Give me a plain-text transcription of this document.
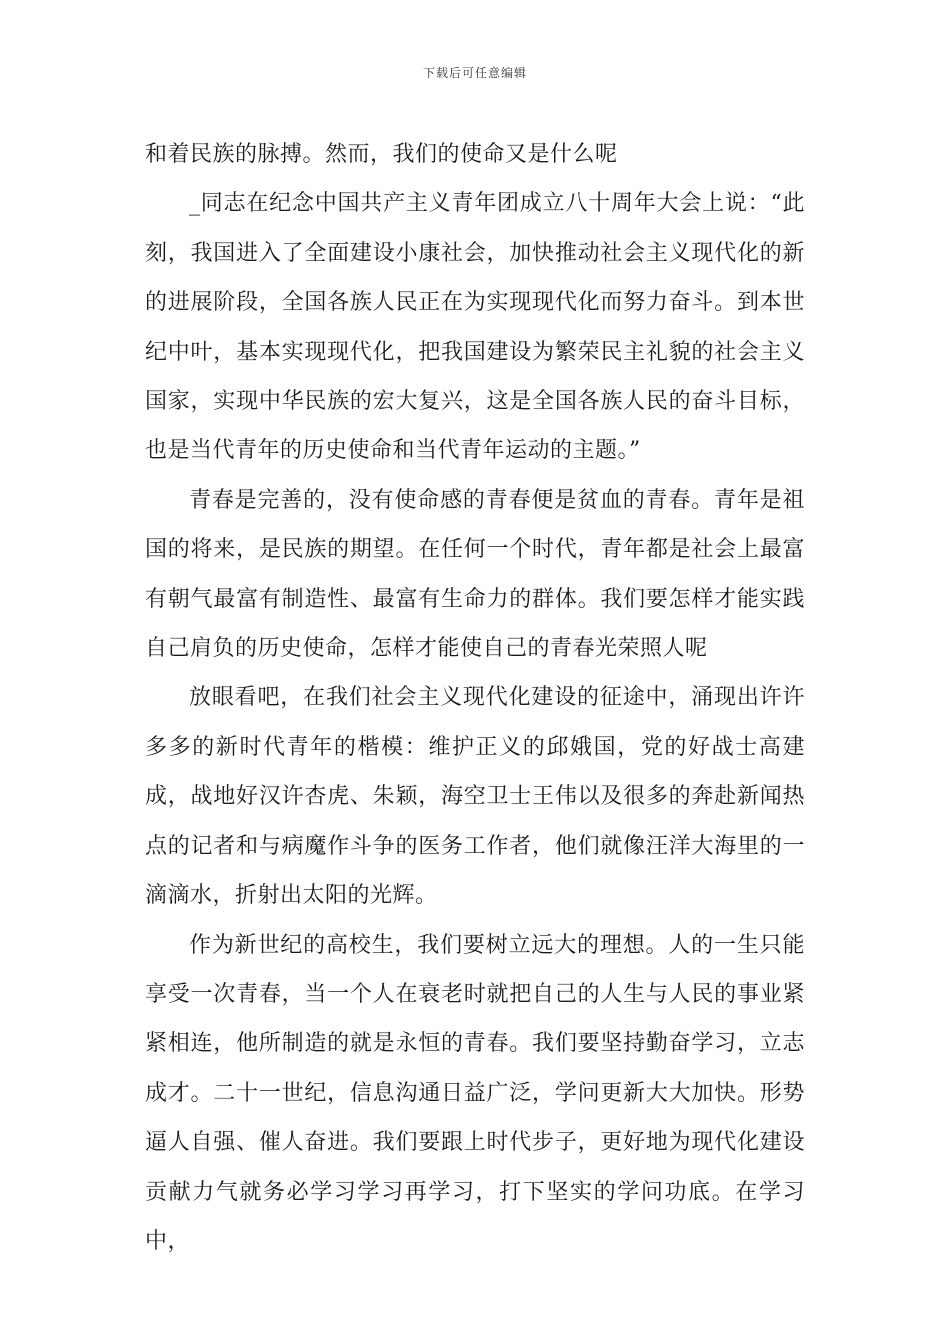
下载后可任意编辑

和着民族的脉搏。然而，我们的使命又是什么呢

_同志在纪念中国共产主义青年团成立八十周年大会上说：“此刻，我国进入了全面建设小康社会，加快推动社会主义现代化的新的进展阶段，全国各族人民正在为实现现代化而努力奋斗。到本世纪中叶，基本实现现代化，把我国建设为繁荣民主礼貌的社会主义国家，实现中华民族的宏大复兴，这是全国各族人民的奋斗目标，也是当代青年的历史使命和当代青年运动的主题。”

青春是完善的，没有使命感的青春便是贫血的青春。青年是祖国的将来，是民族的期望。在任何一个时代，青年都是社会上最富有朝气最富有制造性、最富有生命力的群体。我们要怎样才能实践自己肩负的历史使命，怎样才能使自己的青春光荣照人呢

放眼看吧，在我们社会主义现代化建设的征途中，涌现出许许多多的新时代青年的楷模：维护正义的邱娥国，党的好战士高建成，战地好汉许杏虎、朱颖，海空卫士王伟以及很多的奔赴新闻热点的记者和与病魔作斗争的医务工作者，他们就像汪洋大海里的一滴滴水，折射出太阳的光辉。

作为新世纪的高校生，我们要树立远大的理想。人的一生只能享受一次青春，当一个人在衰老时就把自己的人生与人民的事业紧紧相连，他所制造的就是永恒的青春。我们要坚持勤奋学习，立志成才。二十一世纪，信息沟通日益广泛，学问更新大大加快。形势逼人自强、催人奋进。我们要跟上时代步子，更好地为现代化建设贡献力气就务必学习学习再学习，打下坚实的学问功底。在学习中，
